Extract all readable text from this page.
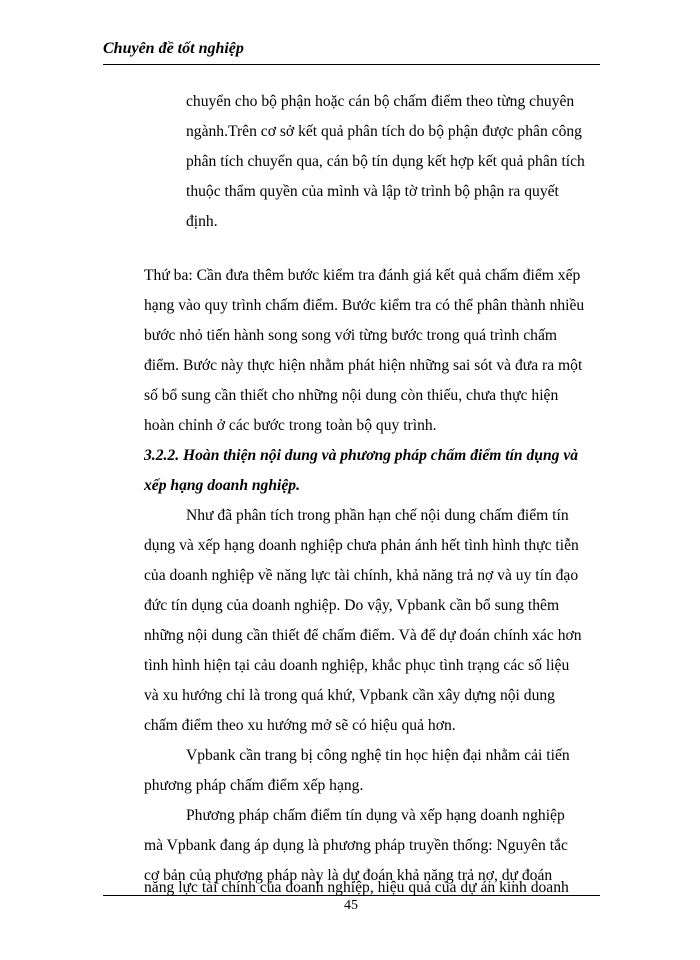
Chuyên đề tốt nghiệp
chuyển cho bộ phận hoặc cán bộ chấm điểm theo từng chuyên
ngành.Trên cơ sở kết quả phân tích do bộ phận được phân công
phân tích chuyển qua, cán bộ tín dụng kết hợp kết quả phân tích
thuộc thẩm quyền của mình và lập tờ trình bộ phận ra quyết
định.
Thứ ba: Cần đưa thêm bước kiểm tra đánh giá kết quả chấm điểm xếp
hạng vào quy trình chấm điểm. Bước kiểm tra có thể phân thành nhiều
bước nhỏ tiến hành song song với từng bước trong quá trình chấm
điểm. Bước này thực hiện nhằm phát hiện những sai sót và đưa ra một
số bổ sung cần thiết cho những nội dung còn thiếu, chưa thực hiện
hoàn chỉnh ở các bước trong toàn bộ quy trình.
3.2.2. Hoàn thiện nội dung và phương pháp chấm điểm tín dụng và
xếp hạng doanh nghiệp.
Như đã phân tích trong phần hạn chế nội dung chấm điểm tín
dụng và xếp hạng doanh nghiệp chưa phản ánh hết tình hình thực tiễn
của doanh nghiệp về năng lực tài chính, khả năng trả nợ và uy tín đạo
đức tín dụng của doanh nghiệp. Do vậy, Vpbank cần bổ sung thêm
những nội dung cần thiết để chấm điểm. Và để dự đoán chính xác hơn
tình hình hiện tại cảu doanh nghiệp, khắc phục tình trạng các số liệu
và xu hướng chỉ là trong quá khứ, Vpbank cần xây dựng nội dung
chấm điểm theo xu hướng mở sẽ có hiệu quả hơn.
Vpbank cần trang bị công nghệ tin học hiện đại nhằm cải tiến
phương pháp chấm điểm xếp hạng.
Phương pháp chấm điểm tín dụng và xếp hạng doanh nghiệp
mà Vpbank đang áp dụng là phương pháp truyền thống: Nguyên tắc
cơ bản của phương pháp này là dự đoán khả năng trả nợ, dự đoán
năng lực tài chính của doanh nghiệp, hiệu quả của dự án kinh doanh
45
